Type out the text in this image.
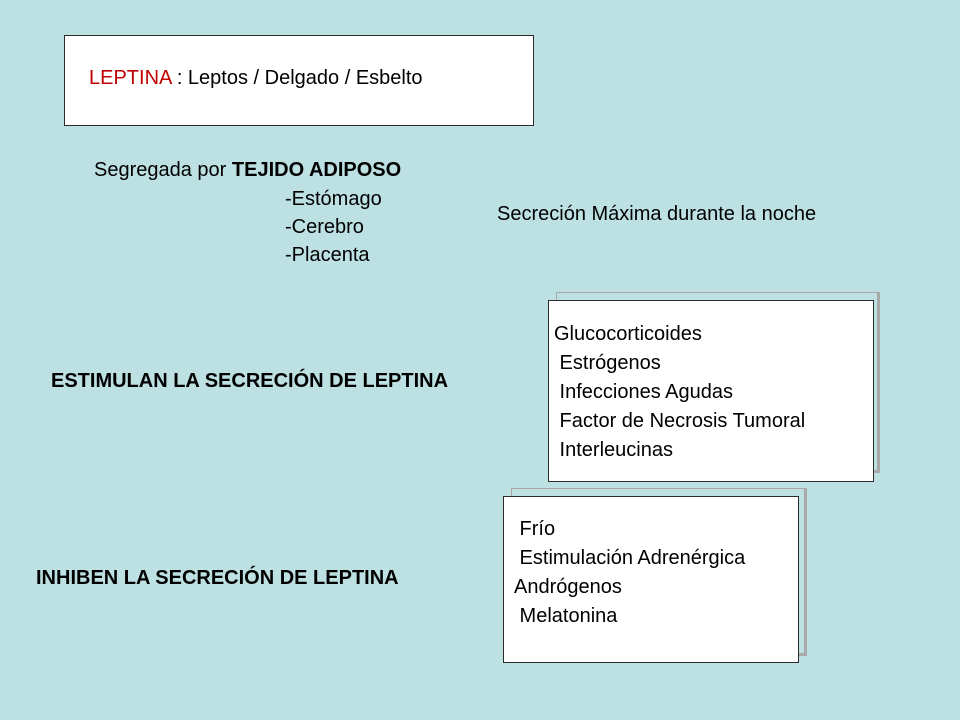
LEPTINA : Leptos / Delgado / Esbelto
Segregada por TEJIDO ADIPOSO
-Estómago
-Cerebro
-Placenta
Secreción Máxima durante la noche
ESTIMULAN LA SECRECIÓN DE LEPTINA
Glucocorticoides
Estrógenos
Infecciones Agudas
Factor de Necrosis Tumoral
Interleucinas
INHIBEN LA SECRECIÓN DE LEPTINA
Frío
Estimulación Adrenérgica
Andrógenos
Melatonina
